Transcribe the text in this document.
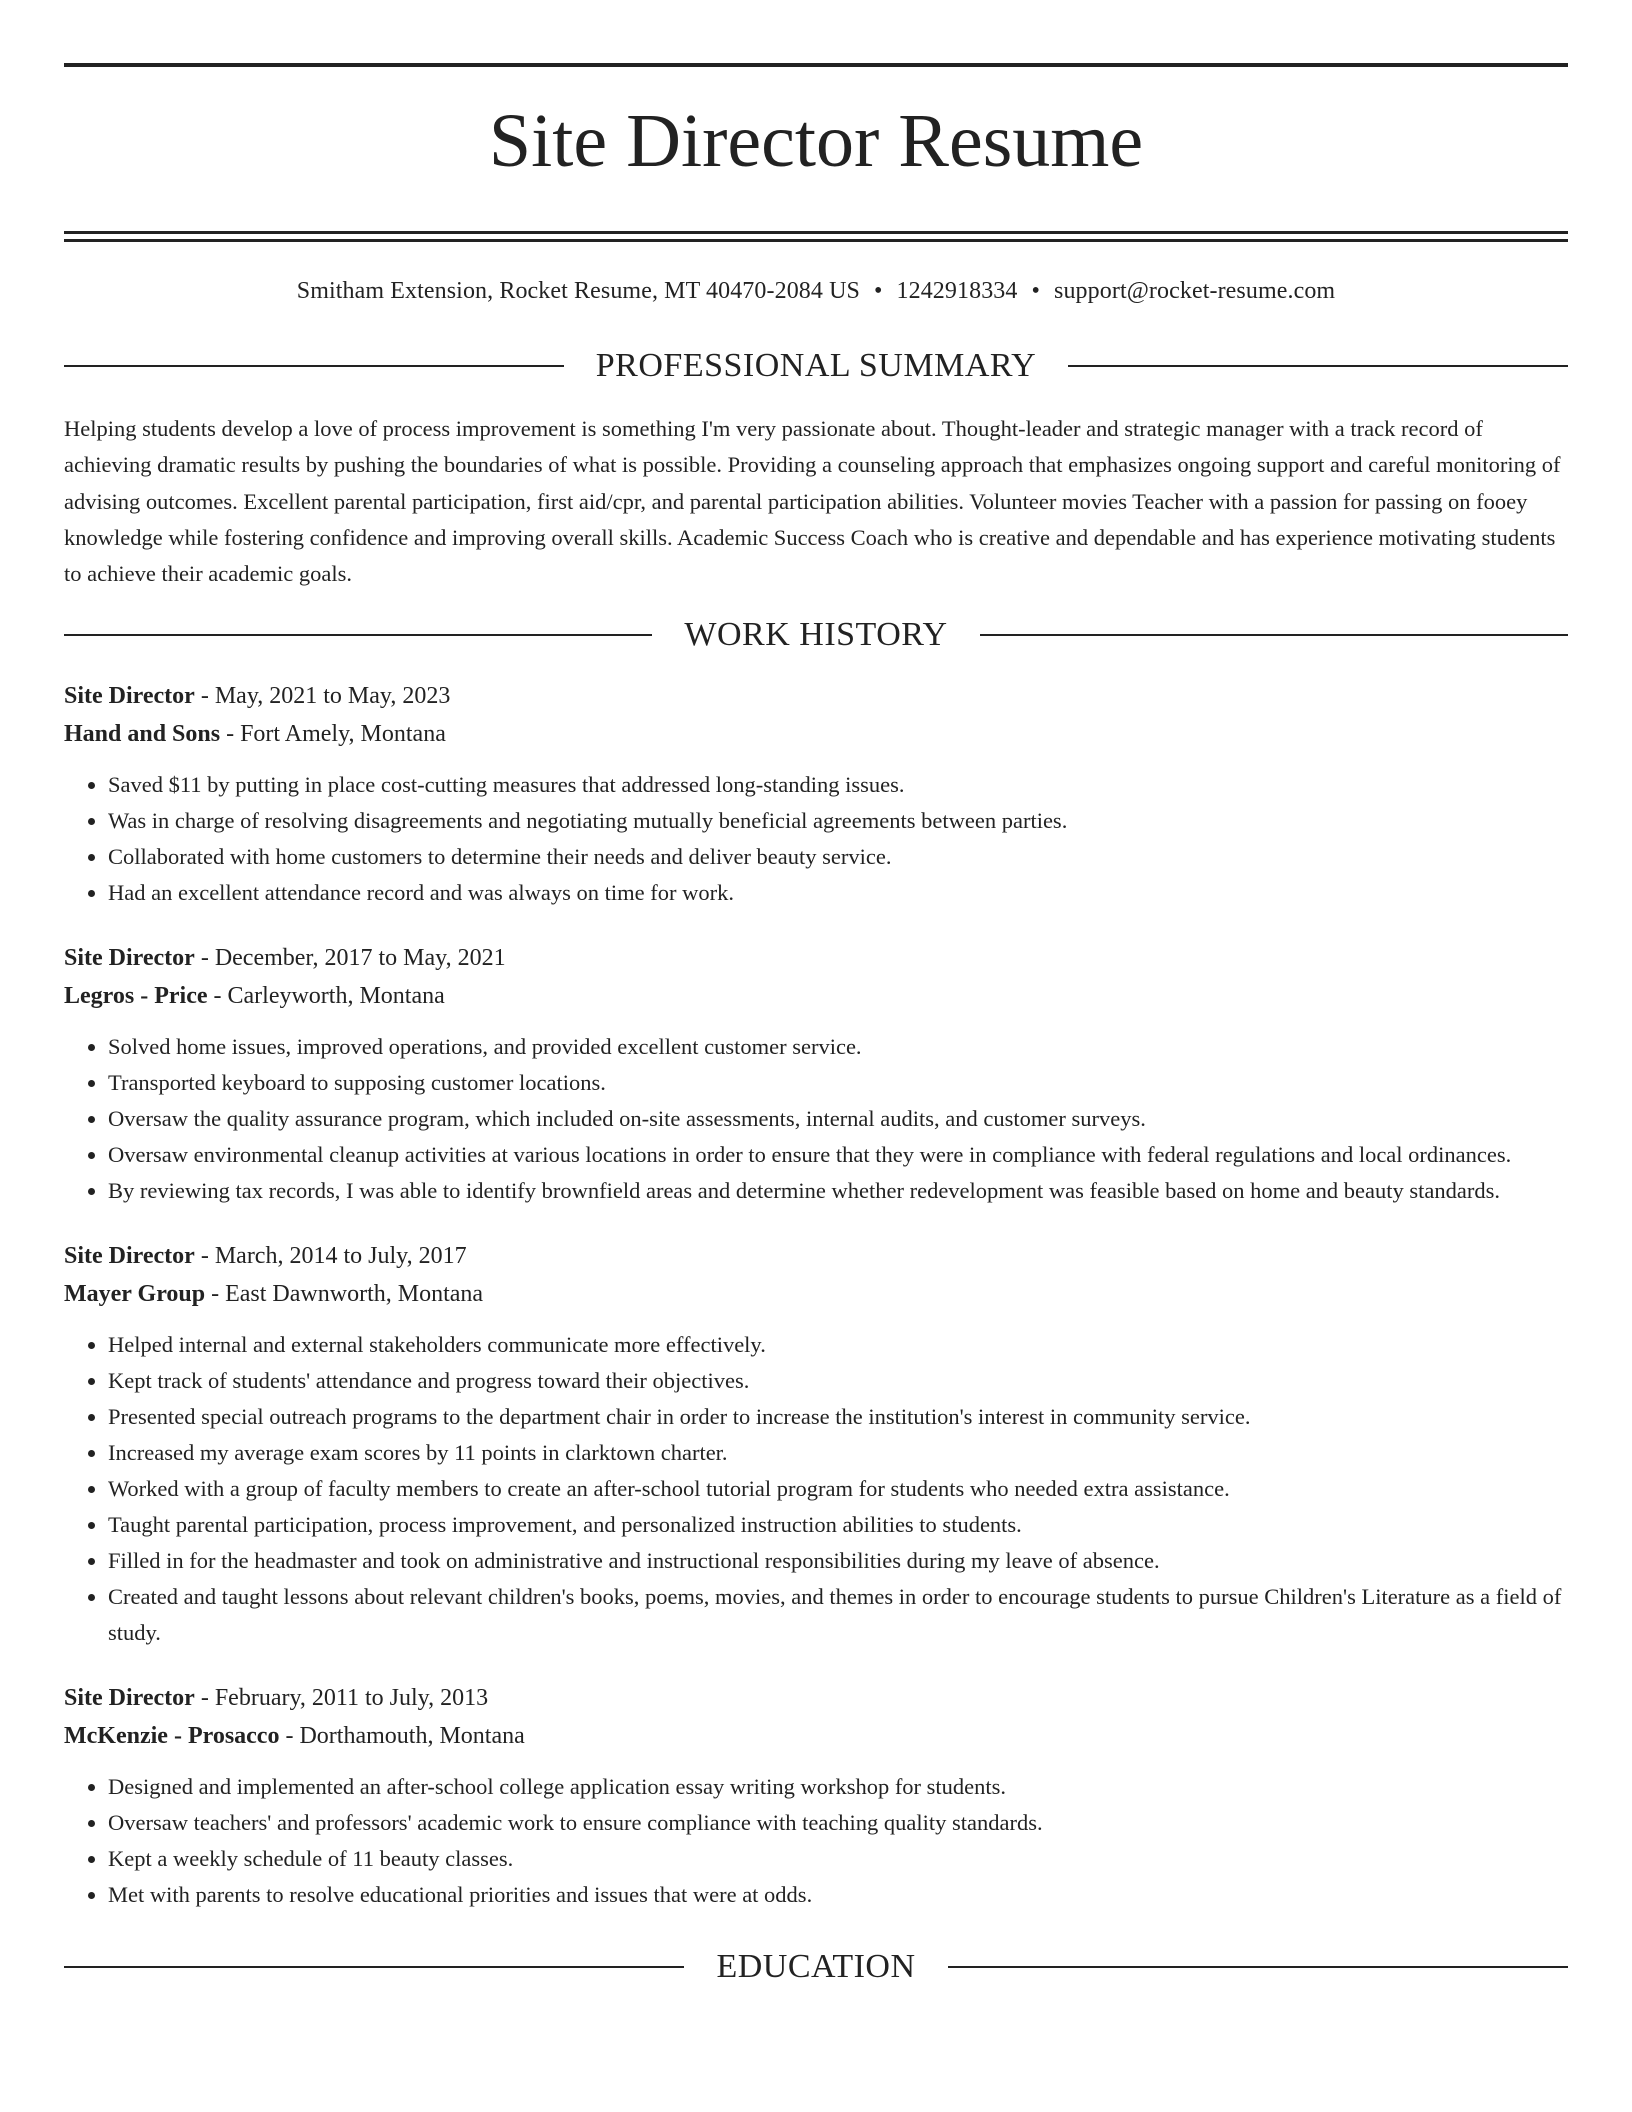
Site Director Resume
Smitham Extension, Rocket Resume, MT 40470-2084 US • 1242918334 • support@rocket-resume.com
PROFESSIONAL SUMMARY

Helping students develop a love of process improvement is something I'm very passionate about. Thought-leader and strategic manager with a track record of achieving dramatic results by pushing the boundaries of what is possible. Providing a counseling approach that emphasizes ongoing support and careful monitoring of advising outcomes. Excellent parental participation, first aid/cpr, and parental participation abilities. Volunteer movies Teacher with a passion for passing on fooey knowledge while fostering confidence and improving overall skills. Academic Success Coach who is creative and dependable and has experience motivating students to achieve their academic goals.

WORK HISTORY
Site Director - May, 2021 to May, 2023
Hand and Sons - Fort Amely, Montana
• Saved $11 by putting in place cost-cutting measures that addressed long-standing issues.
• Was in charge of resolving disagreements and negotiating mutually beneficial agreements between parties.
• Collaborated with home customers to determine their needs and deliver beauty service.
• Had an excellent attendance record and was always on time for work.
Site Director - December, 2017 to May, 2021
Legros - Price - Carleyworth, Montana
• Solved home issues, improved operations, and provided excellent customer service.
• Transported keyboard to supposing customer locations.
• Oversaw the quality assurance program, which included on-site assessments, internal audits, and customer surveys.
• Oversaw environmental cleanup activities at various locations in order to ensure that they were in compliance with federal regulations and local ordinances.
• By reviewing tax records, I was able to identify brownfield areas and determine whether redevelopment was feasible based on home and beauty standards.
Site Director - March, 2014 to July, 2017
Mayer Group - East Dawnworth, Montana
• Helped internal and external stakeholders communicate more effectively.
• Kept track of students' attendance and progress toward their objectives.
• Presented special outreach programs to the department chair in order to increase the institution's interest in community service.
• Increased my average exam scores by 11 points in clarktown charter.
• Worked with a group of faculty members to create an after-school tutorial program for students who needed extra assistance.
• Taught parental participation, process improvement, and personalized instruction abilities to students.
• Filled in for the headmaster and took on administrative and instructional responsibilities during my leave of absence.
• Created and taught lessons about relevant children's books, poems, movies, and themes in order to encourage students to pursue Children's Literature as a field of study.
Site Director - February, 2011 to July, 2013
McKenzie - Prosacco - Dorthamouth, Montana
• Designed and implemented an after-school college application essay writing workshop for students.
• Oversaw teachers' and professors' academic work to ensure compliance with teaching quality standards.
• Kept a weekly schedule of 11 beauty classes.
• Met with parents to resolve educational priorities and issues that were at odds.
EDUCATION
